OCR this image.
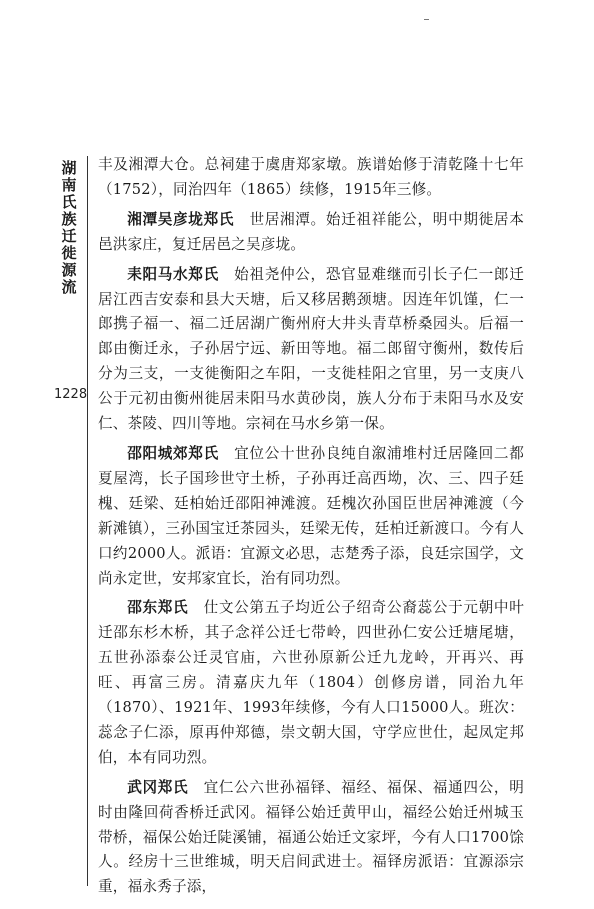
湖南氏族迁徙源流
1228

丰及湘潭大仓。总祠建于虞唐郑家墩。族谱始修于清乾隆十七年（1752），同治四年（1865）续修，1915年三修。

湘潭吴彦垅郑氏　 世居湘潭。始迁祖祥能公，明中期徙居本邑洪家庄，复迁居邑之吴彦垅。

耒阳马水郑氏　 始祖尧仲公，恐官显难继而引长子仁一郎迁居江西吉安泰和县大天塘，后又移居鹅颈塘。因连年饥馑，仁一郎携子福一、福二迁居湖广衡州府大井头青草桥桑园头。后福一郎由衡迁永，子孙居宁远、新田等地。福二郎留守衡州，数传后分为三支，一支徙衡阳之车阳，一支徙桂阳之官里，另一支庚八公于元初由衡州徙居耒阳马水黄砂岗，族人分布于耒阳马水及安仁、茶陵、四川等地。宗祠在马水乡第一保。

邵阳城郊郑氏　 宜位公十世孙良纯自溆浦堆村迁居隆回二都夏屋湾，长子国珍世守土桥，子孙再迁高西坳，次、三、四子廷槐、廷梁、廷柏始迁邵阳神滩渡。廷槐次孙国臣世居神滩渡（今新滩镇），三孙国宝迁茶园头，廷梁无传，廷柏迁新渡口。今有人口约2000人。派语：宜源文必思，志楚秀子添，良廷宗国学，文尚永定世，安邦家宜长，治有同功烈。

邵东郑氏　 仕文公第五子均近公子绍奇公裔蕊公于元朝中叶迁邵东杉木桥，其子念祥公迁七带岭，四世孙仁安公迁塘尾塘，五世孙添泰公迁灵官庙，六世孙原新公迁九龙岭，开再兴、再旺、再富三房。清嘉庆九年（1804）创修房谱，同治九年（1870）、1921年、1993年续修，今有人口15000人。班次：蕊念子仁添，原再仲郑德，崇文朝大国，守学应世仕，起凤定邦伯，本有同功烈。

武冈郑氏　 宜仁公六世孙福铎、福经、福保、福通四公，明时由隆回荷香桥迁武冈。福铎公始迁黄甲山，福经公始迁州城玉带桥，福保公始迁陡溪铺，福通公始迁文家坪，今有人口1700馀人。经房十三世维城，明天启间武进士。福铎房派语：宜源添宗重，福永秀子添，
